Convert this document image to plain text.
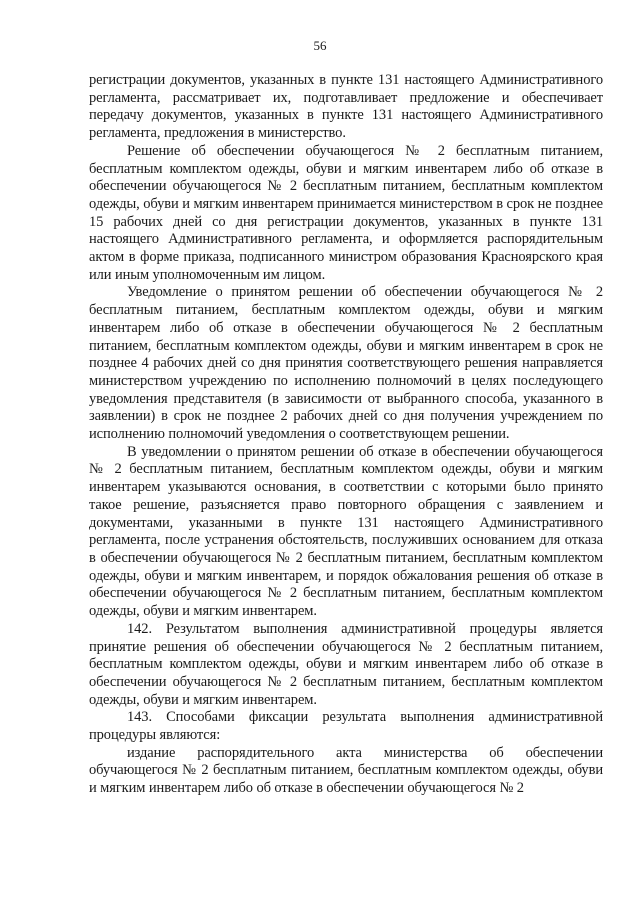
56

регистрации документов, указанных в пункте 131 настоящего Административного регламента, рассматривает их, подготавливает предложение и обеспечивает передачу документов, указанных в пункте 131 настоящего Административного регламента, предложения в министерство.

Решение об обеспечении обучающегося № 2 бесплатным питанием, бесплатным комплектом одежды, обуви и мягким инвентарем либо об отказе в обеспечении обучающегося № 2 бесплатным питанием, бесплатным комплектом одежды, обуви и мягким инвентарем принимается министерством в срок не позднее 15 рабочих дней со дня регистрации документов, указанных в пункте 131 настоящего Административного регламента, и оформляется распорядительным актом в форме приказа, подписанного министром образования Красноярского края или иным уполномоченным им лицом.

Уведомление о принятом решении об обеспечении обучающегося № 2 бесплатным питанием, бесплатным комплектом одежды, обуви и мягким инвентарем либо об отказе в обеспечении обучающегося № 2 бесплатным питанием, бесплатным комплектом одежды, обуви и мягким инвентарем в срок не позднее 4 рабочих дней со дня принятия соответствующего решения направляется министерством учреждению по исполнению полномочий в целях последующего уведомления представителя (в зависимости от выбранного способа, указанного в заявлении) в срок не позднее 2 рабочих дней со дня получения учреждением по исполнению полномочий уведомления о соответствующем решении.

В уведомлении о принятом решении об отказе в обеспечении обучающегося № 2 бесплатным питанием, бесплатным комплектом одежды, обуви и мягким инвентарем указываются основания, в соответствии с которыми было принято такое решение, разъясняется право повторного обращения с заявлением и документами, указанными в пункте 131 настоящего Административного регламента, после устранения обстоятельств, послуживших основанием для отказа в обеспечении обучающегося № 2 бесплатным питанием, бесплатным комплектом одежды, обуви и мягким инвентарем, и порядок обжалования решения об отказе в обеспечении обучающегося № 2 бесплатным питанием, бесплатным комплектом одежды, обуви и мягким инвентарем.

142. Результатом выполнения административной процедуры является принятие решения об обеспечении обучающегося № 2 бесплатным питанием, бесплатным комплектом одежды, обуви и мягким инвентарем либо об отказе в обеспечении обучающегося № 2 бесплатным питанием, бесплатным комплектом одежды, обуви и мягким инвентарем.

143. Способами фиксации результата выполнения административной процедуры являются:

издание распорядительного акта министерства об обеспечении обучающегося № 2 бесплатным питанием, бесплатным комплектом одежды, обуви и мягким инвентарем либо об отказе в обеспечении обучающегося № 2
